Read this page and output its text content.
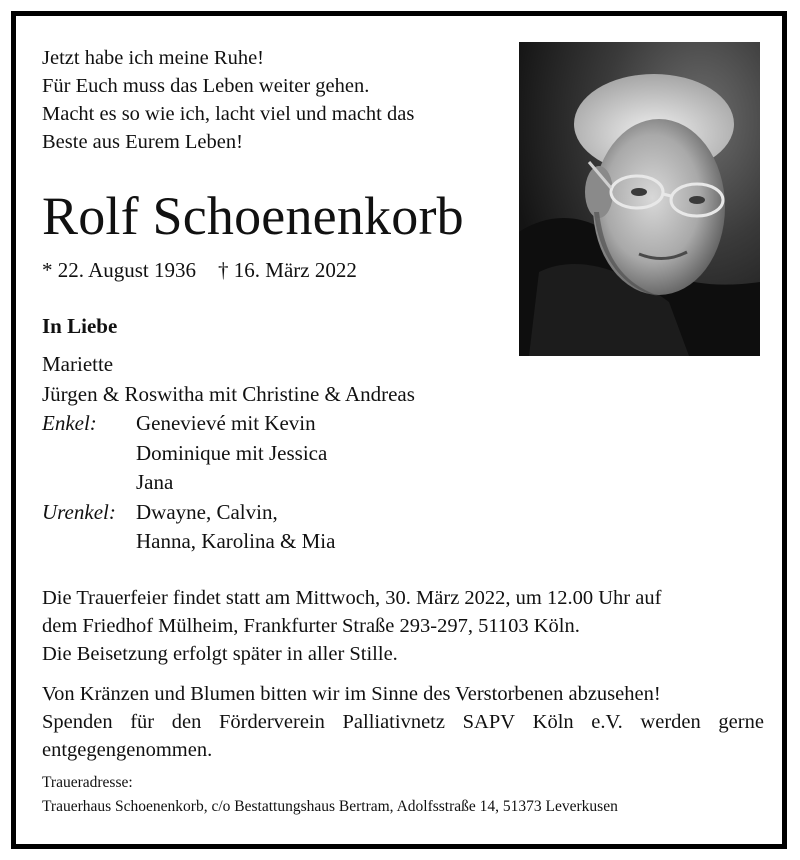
Jetzt habe ich meine Ruhe!
Für Euch muss das Leben weiter gehen.
Macht es so wie ich, lacht viel und macht das
Beste aus Eurem Leben!
Rolf Schoenenkorb
* 22. August 1936 † 16. März 2022
In Liebe
Mariette
Jürgen & Roswitha mit Christine & Andreas
Enkel: Genevievé mit Kevin
Dominique mit Jessica
Jana
Urenkel: Dwayne, Calvin,
Hanna, Karolina & Mia
Die Trauerfeier findet statt am Mittwoch, 30. März 2022, um 12.00 Uhr auf
dem Friedhof Mülheim, Frankfurter Straße 293-297, 51103 Köln.
Die Beisetzung erfolgt später in aller Stille.
Von Kränzen und Blumen bitten wir im Sinne des Verstorbenen abzusehen!
Spenden für den Förderverein Palliativnetz SAPV Köln e.V. werden gerne
entgegengenommen.
Traueradresse:
Trauerhaus Schoenenkorb, c/o Bestattungshaus Bertram, Adolfsstraße 14, 51373 Leverkusen
